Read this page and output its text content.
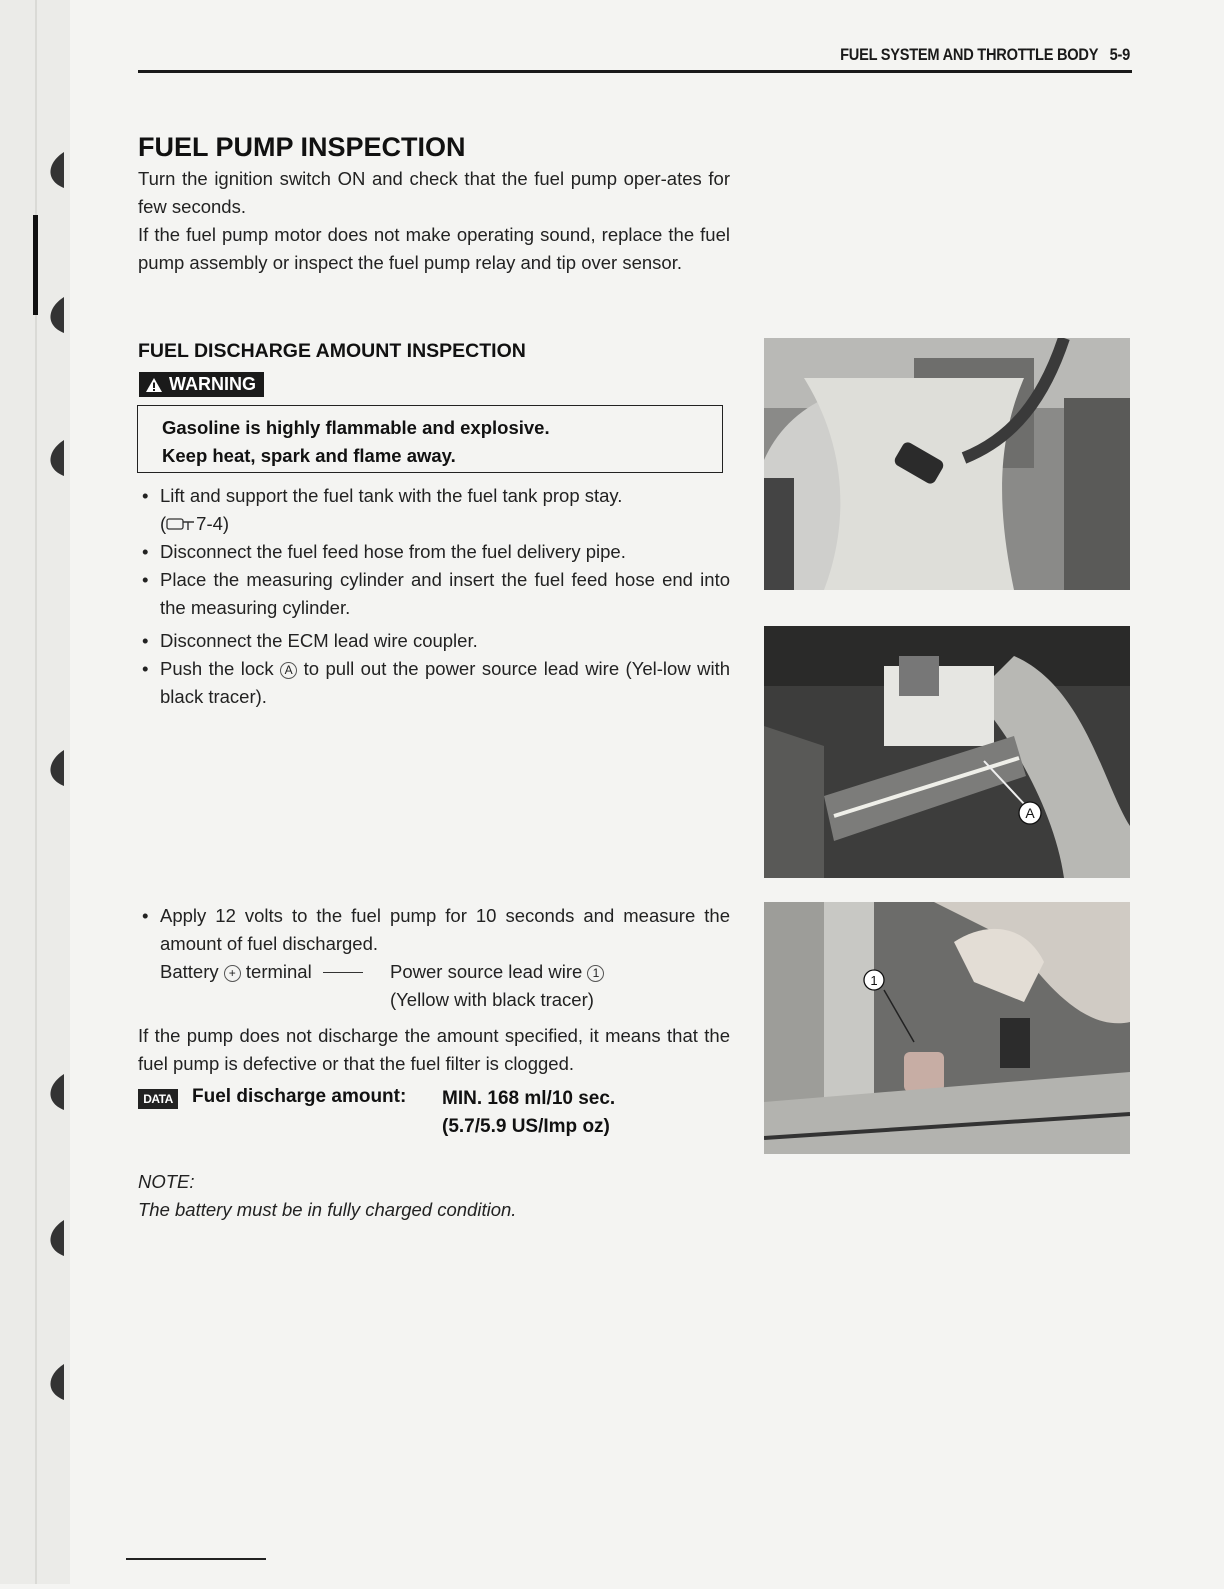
FUEL SYSTEM AND THROTTLE BODY 5-9
FUEL PUMP INSPECTION

Turn the ignition switch ON and check that the fuel pump oper-ates for few seconds.

If the fuel pump motor does not make operating sound, replace the fuel pump assembly or inspect the fuel pump relay and tip over sensor.

FUEL DISCHARGE AMOUNT INSPECTION
WARNING

Gasoline is highly flammable and explosive.

Keep heat, spark and flame away.

• Lift and support the fuel tank with the fuel tank prop stay.
( 7-4)
• Disconnect the fuel feed hose from the fuel delivery pipe.
• Place the measuring cylinder and insert the fuel feed hose end into the measuring cylinder.
• Disconnect the ECM lead wire coupler.
• Push the lock A to pull out the power source lead wire (Yel-low with black tracer).
• Apply 12 volts to the fuel pump for 10 seconds and measure the amount of fuel discharged.
Battery + terminal	Power source lead wire 1
(Yellow with black tracer)
If the pump does not discharge the amount specified, it means that the fuel pump is defective or that the fuel filter is clogged.
DATA Fuel discharge amount:	MIN. 168 ml/10 sec.
(5.7/5.9 US/Imp oz)

NOTE:

The battery must be in fully charged condition.

A
1
